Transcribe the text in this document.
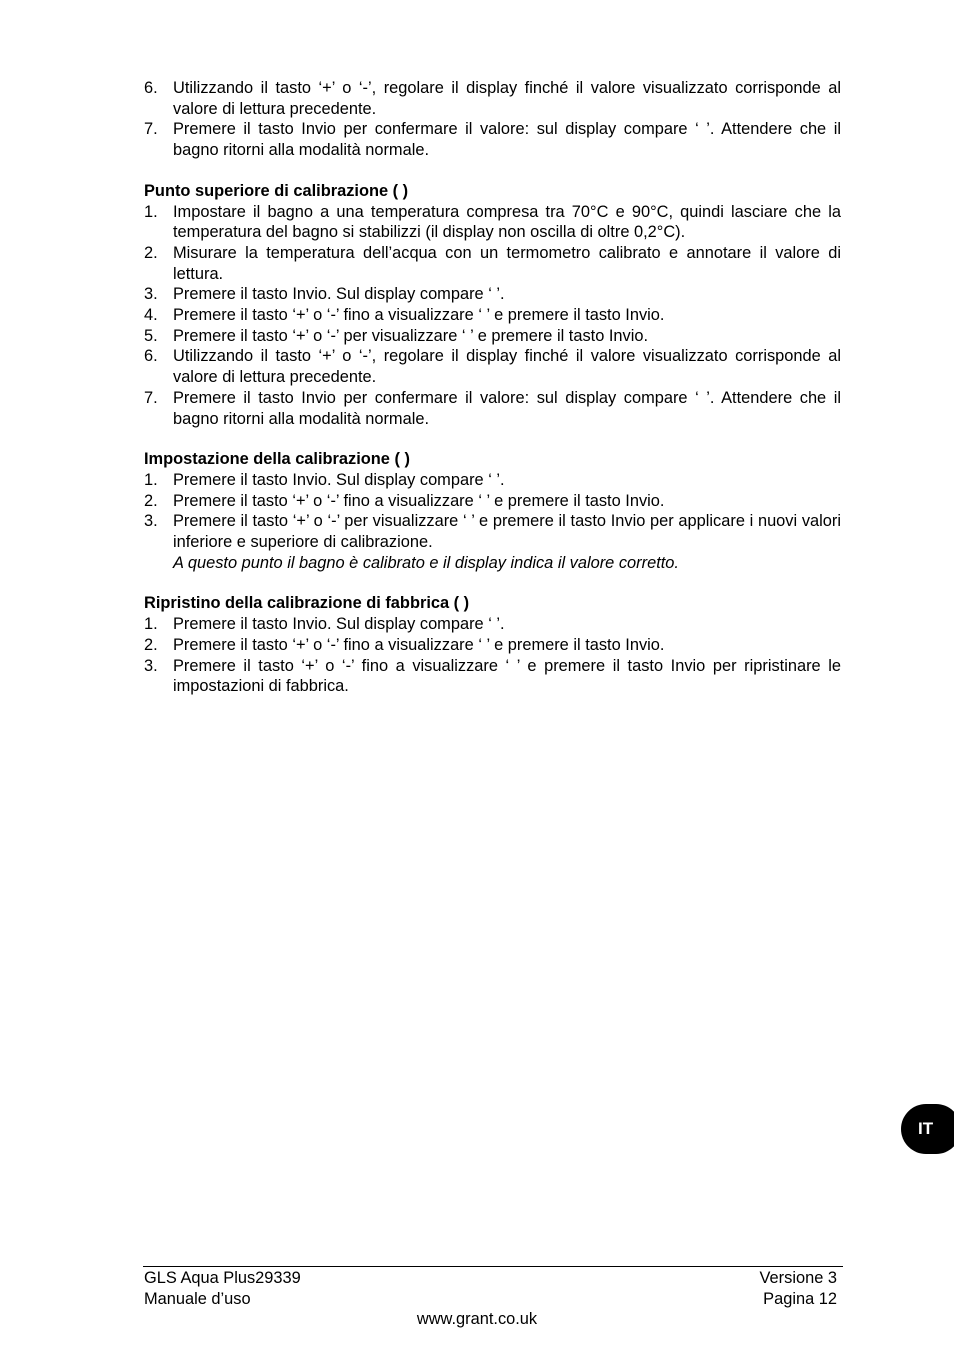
6. Utilizzando il tasto ‘+’ o ‘-’, regolare il display finché il valore visualizzato corrisponde al valore di lettura precedente.
7. Premere il tasto Invio per confermare il valore: sul display compare ‘ ’. Attendere che il bagno ritorni alla modalità normale.
Punto superiore di calibrazione ( )
1. Impostare il bagno a una temperatura compresa tra 70°C e 90°C, quindi lasciare che la temperatura del bagno si stabilizzi (il display non oscilla di oltre 0,2°C).
2. Misurare la temperatura dell’acqua con un termometro calibrato e annotare il valore di lettura.
3. Premere il tasto Invio. Sul display compare ‘ ’.
4. Premere il tasto ‘+’ o ‘-’ fino a visualizzare ‘ ’ e premere il tasto Invio.
5. Premere il tasto ‘+’ o ‘-’ per visualizzare ‘ ’ e premere il tasto Invio.
6. Utilizzando il tasto ‘+’ o ‘-’, regolare il display finché il valore visualizzato corrisponde al valore di lettura precedente.
7. Premere il tasto Invio per confermare il valore: sul display compare ‘ ’. Attendere che il bagno ritorni alla modalità normale.
Impostazione della calibrazione ( )
1. Premere il tasto Invio. Sul display compare ‘ ’.
2. Premere il tasto ‘+’ o ‘-’ fino a visualizzare ‘ ’ e premere il tasto Invio.
3. Premere il tasto ‘+’ o ‘-’ per visualizzare ‘ ’ e premere il tasto Invio per applicare i nuovi valori inferiore e superiore di calibrazione.
A questo punto il bagno è calibrato e il display indica il valore corretto.
Ripristino della calibrazione di fabbrica ( )
1. Premere il tasto Invio. Sul display compare ‘ ’.
2. Premere il tasto ‘+’ o ‘-’ fino a visualizzare ‘ ’ e premere il tasto Invio.
3. Premere il tasto ‘+’ o ‘-’ fino a visualizzare ‘ ’ e premere il tasto Invio per ripristinare le impostazioni di fabbrica.
IT
GLS Aqua Plus29339
Manuale d’uso
Versione 3
Pagina 12
www.grant.co.uk
